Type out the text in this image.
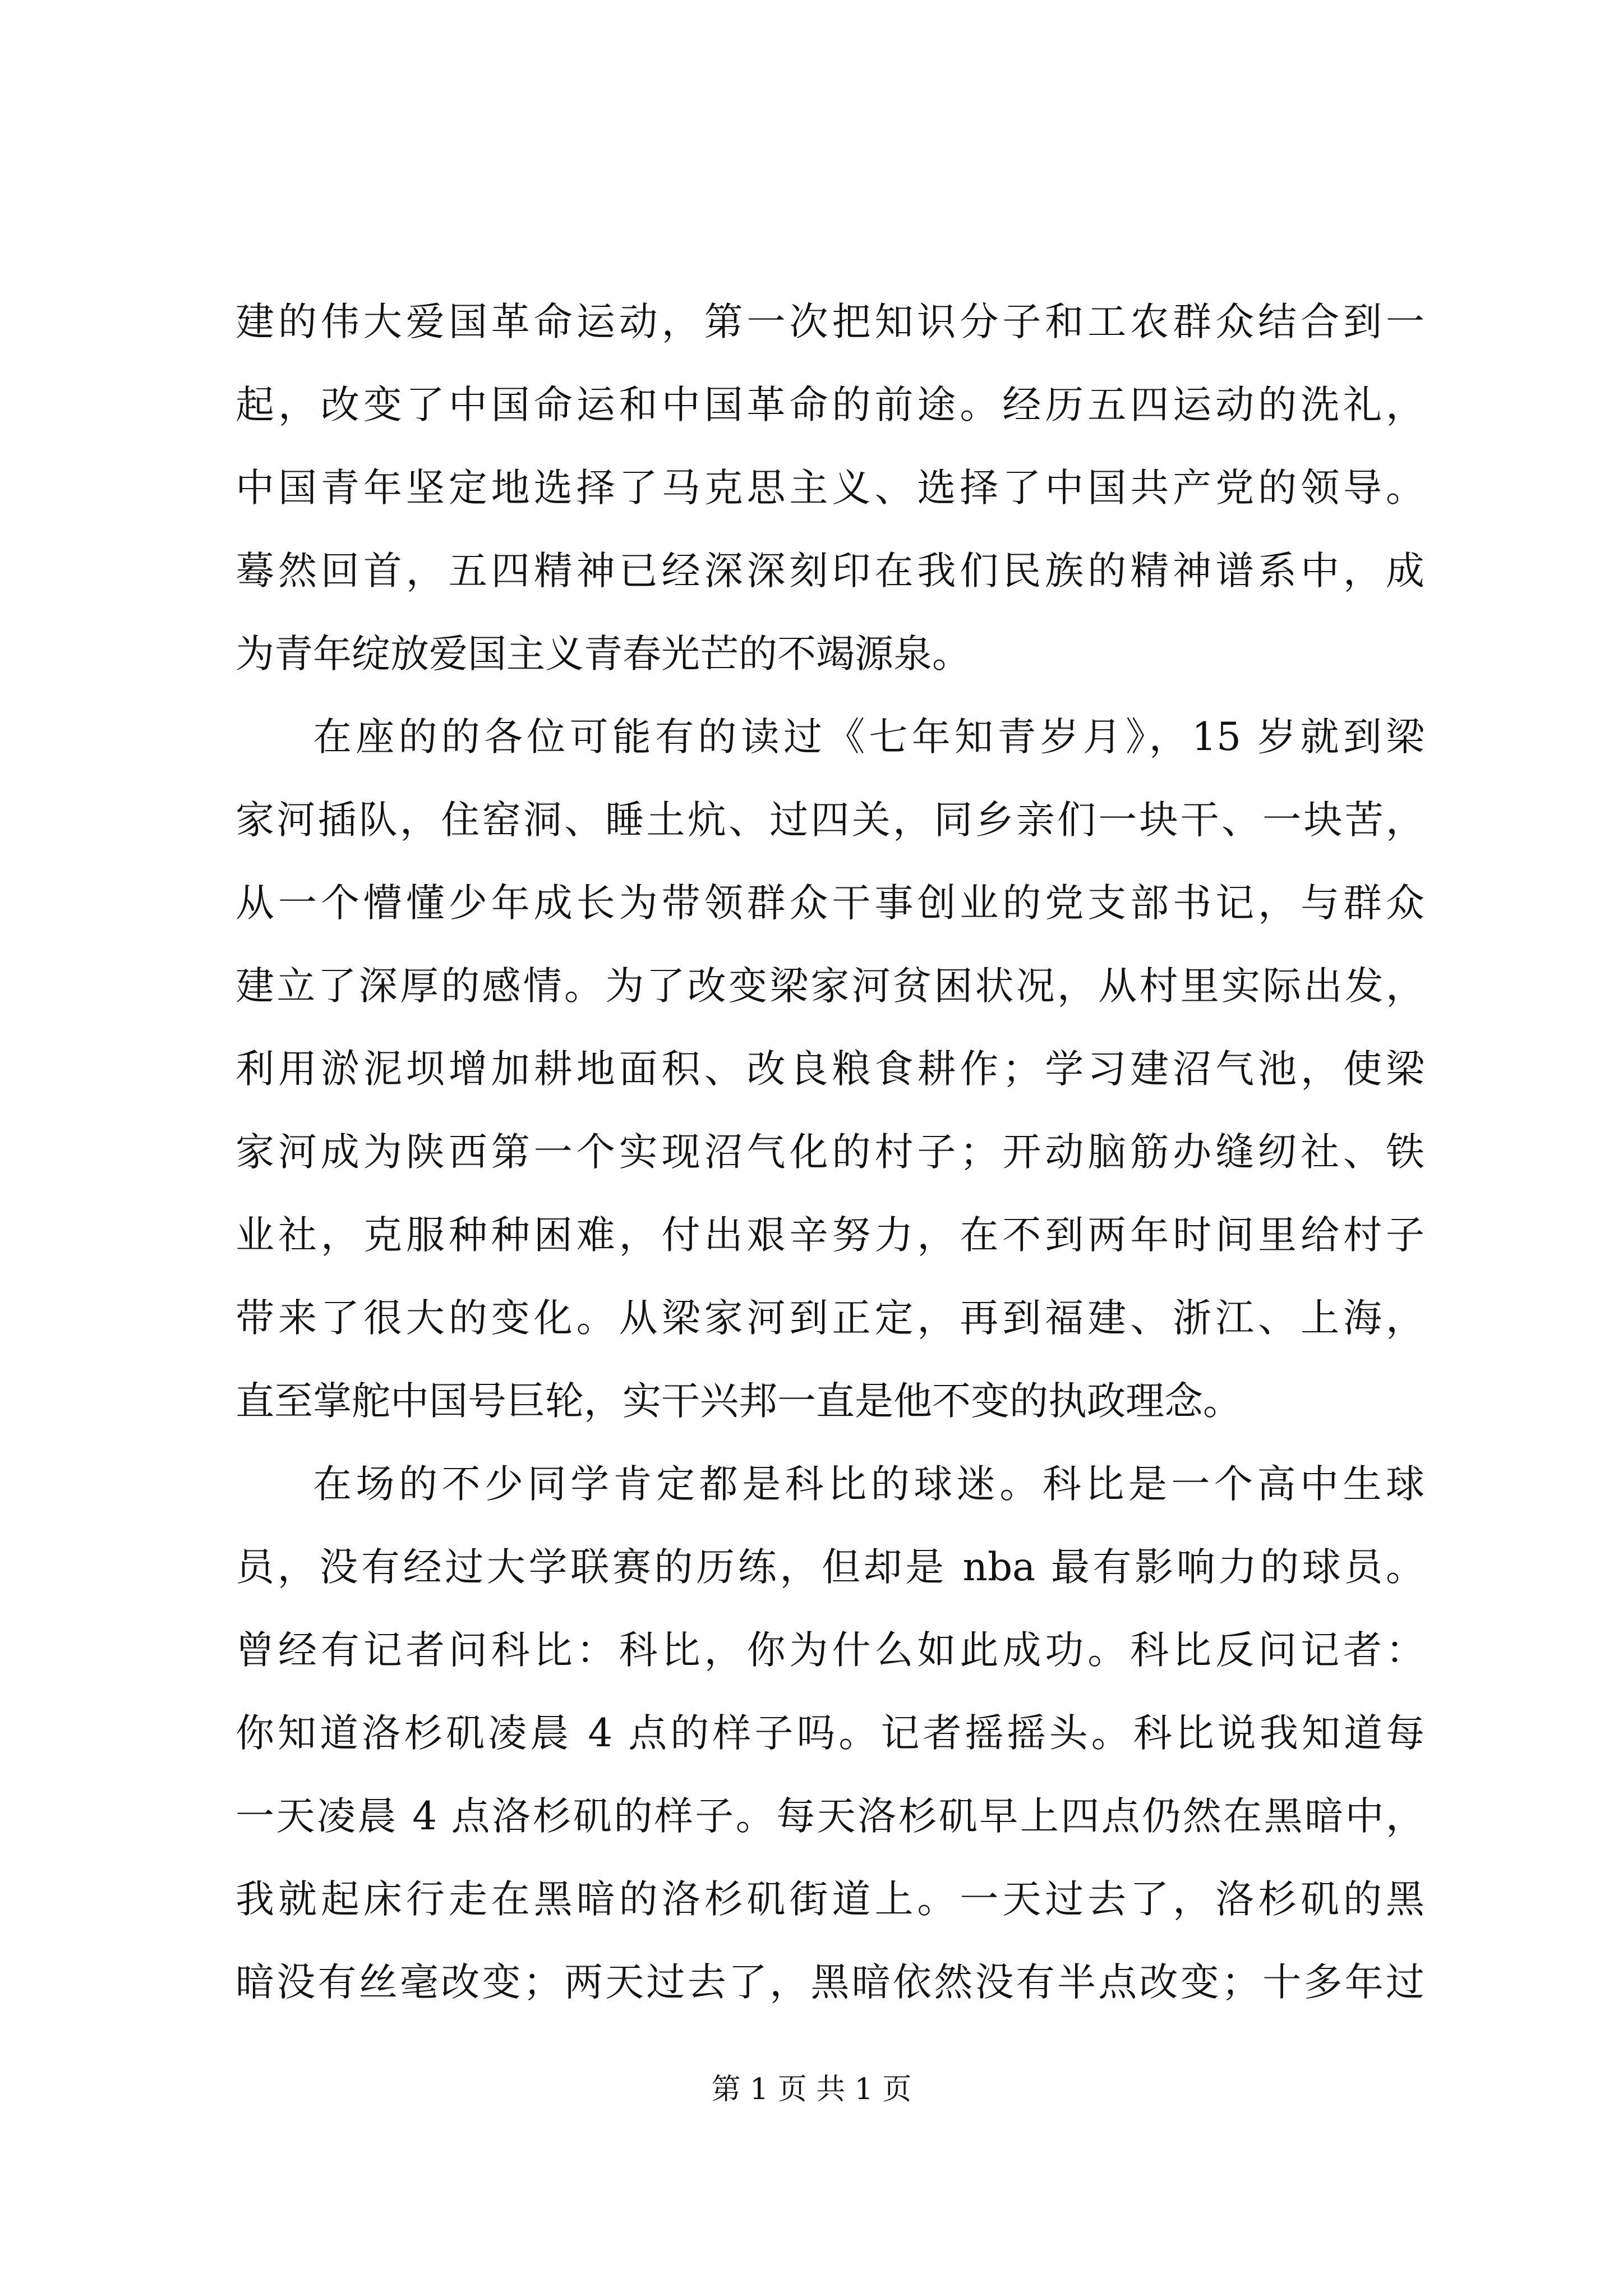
建的伟大爱国革命运动，第一次把知识分子和工农群众结合到一
起，改变了中国命运和中国革命的前途。经历五四运动的洗礼，
中国青年坚定地选择了马克思主义、选择了中国共产党的领导。
蓦然回首，五四精神已经深深刻印在我们民族的精神谱系中，成
为青年绽放爱国主义青春光芒的不竭源泉。
在座的的各位可能有的读过《七年知青岁月》，15 岁就到梁
家河插队，住窑洞、睡土炕、过四关，同乡亲们一块干、一块苦，
从一个懵懂少年成长为带领群众干事创业的党支部书记，与群众
建立了深厚的感情。为了改变梁家河贫困状况，从村里实际出发，
利用淤泥坝增加耕地面积、改良粮食耕作；学习建沼气池，使梁
家河成为陕西第一个实现沼气化的村子；开动脑筋办缝纫社、铁
业社，克服种种困难，付出艰辛努力，在不到两年时间里给村子
带来了很大的变化。从梁家河到正定，再到福建、浙江、上海，
直至掌舵中国号巨轮，实干兴邦一直是他不变的执政理念。
在场的不少同学肯定都是科比的球迷。科比是一个高中生球
员，没有经过大学联赛的历练，但却是 nba 最有影响力的球员。
曾经有记者问科比：科比，你为什么如此成功。科比反问记者：
你知道洛杉矶凌晨 4 点的样子吗。记者摇摇头。科比说我知道每
一天凌晨 4 点洛杉矶的样子。每天洛杉矶早上四点仍然在黑暗中，
我就起床行走在黑暗的洛杉矶街道上。一天过去了，洛杉矶的黑
暗没有丝毫改变；两天过去了，黑暗依然没有半点改变；十多年过
第 1 页 共 1 页
